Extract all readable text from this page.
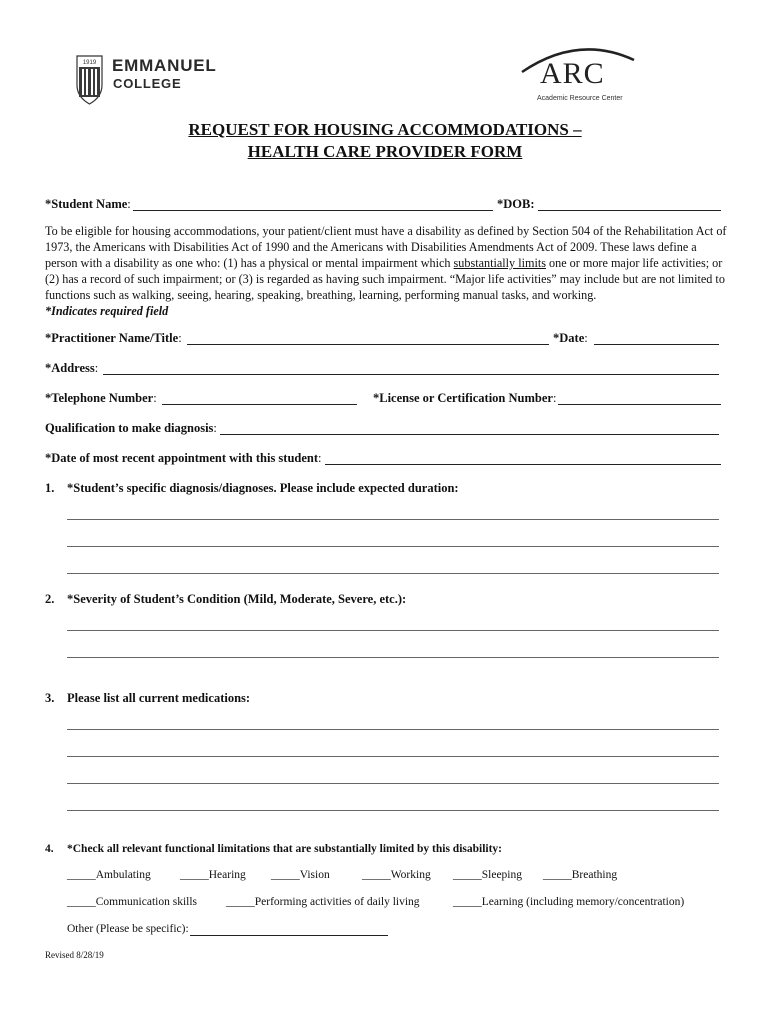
1919 EMMANUEL
COLLEGE	ARC
Academic Resource Center
REQUEST FOR HOUSING ACCOMMODATIONS –
HEALTH CARE PROVIDER FORM
*Student Name:	*DOB:
To be eligible for housing accommodations, your patient/client must have a disability as defined by Section 504 of the Rehabilitation Act of 1973, the Americans with Disabilities Act of 1990 and the Americans with Disabilities Amendments Act of 2009. These laws define a person with a disability as one who: (1) has a physical or mental impairment which substantially limits one or more major life activities; or (2) has a record of such impairment; or (3) is regarded as having such impairment. “Major life activities” may include but are not limited to functions such as walking, seeing, hearing, speaking, breathing, learning, performing manual tasks, and working.
*Indicates required field
*Practitioner Name/Title:	*Date:
*Address:
*Telephone Number:	*License or Certification Number:
Qualification to make diagnosis:
*Date of most recent appointment with this student:
1. *Student’s specific diagnosis/diagnoses. Please include expected duration:
2. *Severity of Student’s Condition (Mild, Moderate, Severe, etc.):
3. Please list all current medications:
4. *Check all relevant functional limitations that are substantially limited by this disability:
_____Ambulating	_____Hearing _____Vision	_____Working _____Sleeping _____Breathing
_____Communication skills	_____Performing activities of daily living	_____Learning (including memory/concentration)
Other (Please be specific):
Revised 8/28/19
